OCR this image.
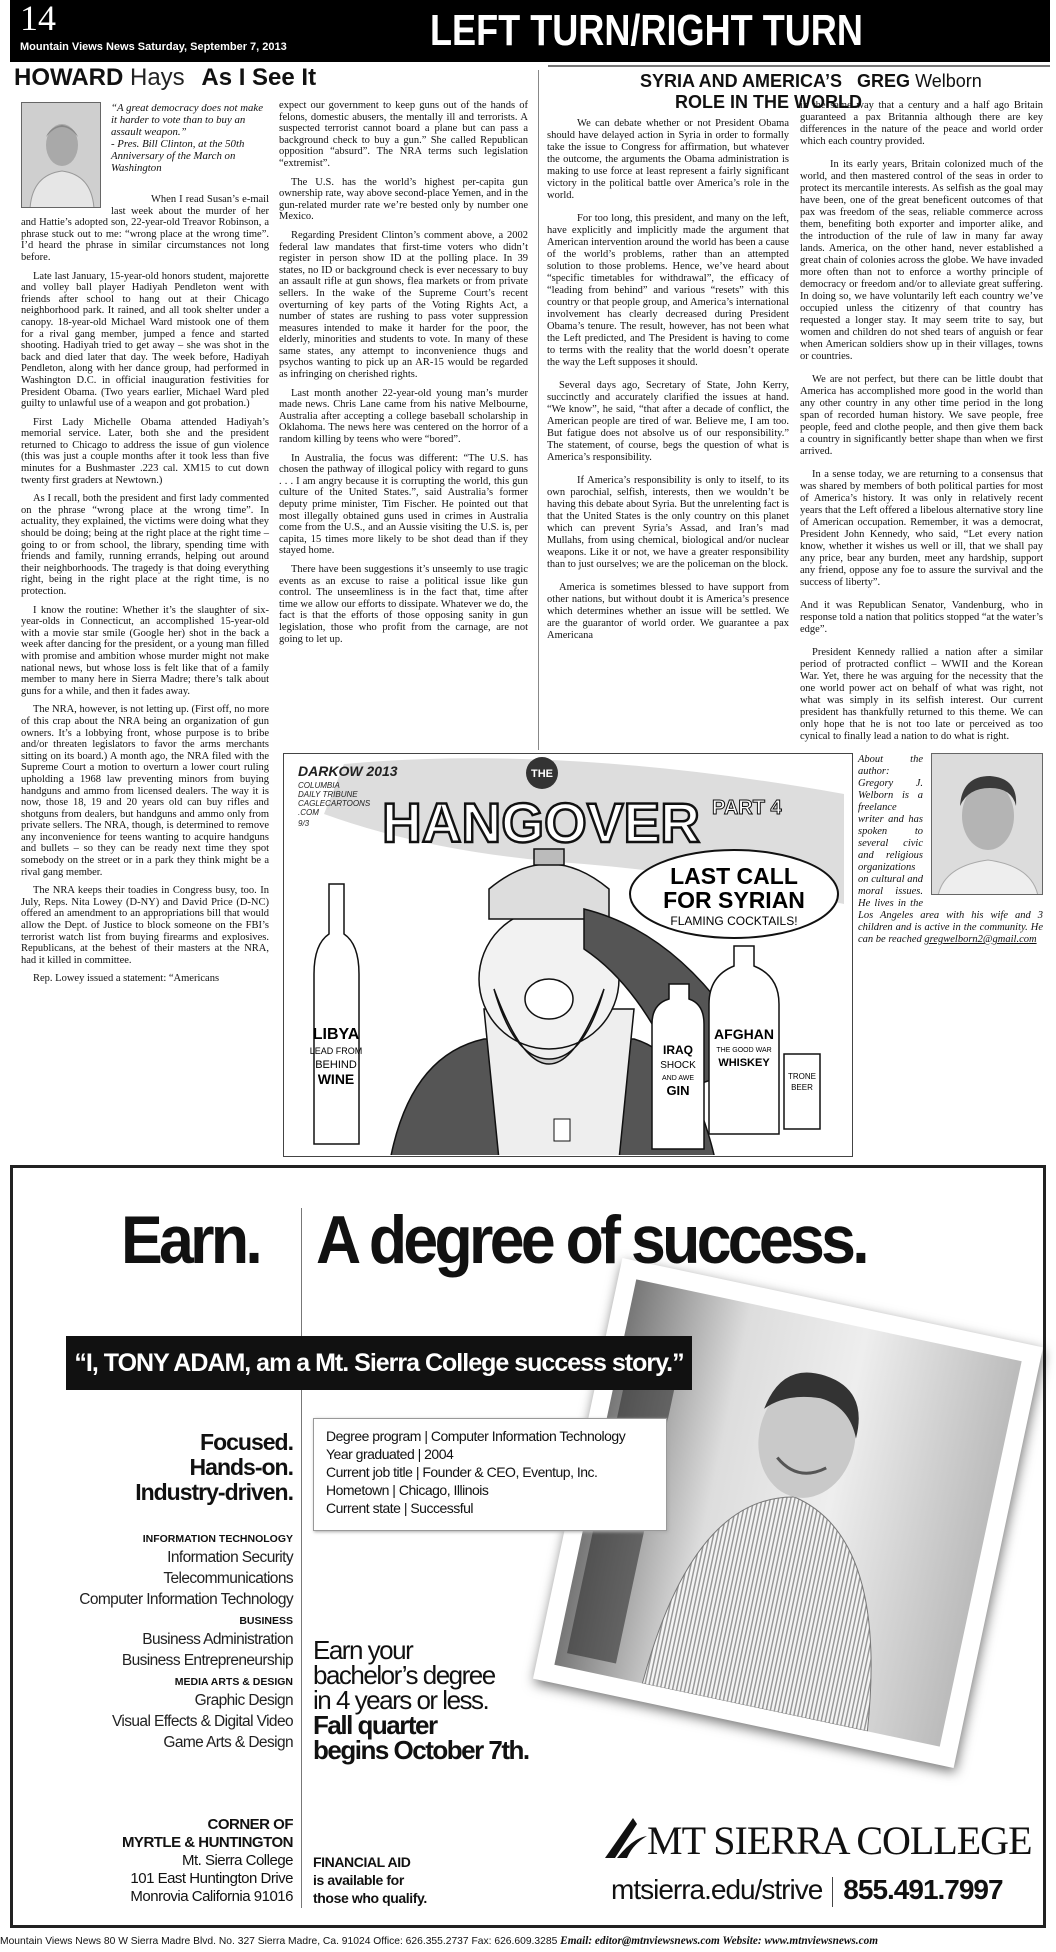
14
Mountain Views News Saturday, September 7, 2013	LEFT TURN/RIGHT TURN
HOWARD Hays As I See It	SYRIA AND AMERICA’S GREG Welborn
ROLE IN THE WORLD
“A great democracy does not make it harder to vote than to buy an assault weapon.”
- Pres. Bill Clinton, at the 50th Anniversary of the March on Washington

When I read Susan’s e-mail last week about the murder of her and Hattie’s adopted son, 22-year-old Treavor Robinson, a phrase stuck out to me: “wrong place at the wrong time”. I’d heard the phrase in similar circumstances not long before.

Late last January, 15-year-old honors student, majorette and volley ball player Hadiyah Pendleton went with friends after school to hang out at their Chicago neighborhood park. It rained, and all took shelter under a canopy. 18-year-old Michael Ward mistook one of them for a rival gang member, jumped a fence and started shooting. Hadiyah tried to get away – she was shot in the back and died later that day. The week before, Hadiyah Pendleton, along with her dance group, had performed in Washington D.C. in official inauguration festivities for President Obama. (Two years earlier, Michael Ward pled guilty to unlawful use of a weapon and got probation.)

First Lady Michelle Obama attended Hadiyah’s memorial service. Later, both she and the president returned to Chicago to address the issue of gun violence (this was just a couple months after it took less than five minutes for a Bushmaster .223 cal. XM15 to cut down twenty first graders at Newtown.)

As I recall, both the president and first lady commented on the phrase “wrong place at the wrong time”. In actuality, they explained, the victims were doing what they should be doing; being at the right place at the right time – going to or from school, the library, spending time with friends and family, running errands, helping out around their neighborhoods. The tragedy is that doing everything right, being in the right place at the right time, is no protection.

I know the routine: Whether it’s the slaughter of six-year-olds in Connecticut, an accomplished 15-year-old with a movie star smile (Google her) shot in the back a week after dancing for the president, or a young man filled with promise and ambition whose murder might not make national news, but whose loss is felt like that of a family member to many here in Sierra Madre; there’s talk about guns for a while, and then it fades away.

The NRA, however, is not letting up. (First off, no more of this crap about the NRA being an organization of gun owners. It’s a lobbying front, whose purpose is to bribe and/or threaten legislators to favor the arms merchants sitting on its board.) A month ago, the NRA filed with the Supreme Court a motion to overturn a lower court ruling upholding a 1968 law preventing minors from buying handguns and ammo from licensed dealers. The way it is now, those 18, 19 and 20 years old can buy rifles and shotguns from dealers, but handguns and ammo only from private sellers. The NRA, though, is determined to remove any inconvenience for teens wanting to acquire handguns and bullets – so they can be ready next time they spot somebody on the street or in a park they think might be a rival gang member.

The NRA keeps their toadies in Congress busy, too. In July, Reps. Nita Lowey (D-NY) and David Price (D-NC) offered an amendment to an appropriations bill that would allow the Dept. of Justice to block someone on the FBI’s terrorist watch list from buying firearms and explosives. Republicans, at the behest of their masters at the NRA, had it killed in committee.

Rep. Lowey issued a statement: “Americans

expect our government to keep guns out of the hands of felons, domestic abusers, the mentally ill and terrorists. A suspected terrorist cannot board a plane but can pass a background check to buy a gun.” She called Republican opposition “absurd”. The NRA terms such legislation “extremist”.

The U.S. has the world’s highest per-capita gun ownership rate, way above second-place Yemen, and in the gun-related murder rate we’re bested only by number one Mexico.

Regarding President Clinton’s comment above, a 2002 federal law mandates that first-time voters who didn’t register in person show ID at the polling place. In 39 states, no ID or background check is ever necessary to buy an assault rifle at gun shows, flea markets or from private sellers. In the wake of the Supreme Court’s recent overturning of key parts of the Voting Rights Act, a number of states are rushing to pass voter suppression measures intended to make it harder for the poor, the elderly, minorities and students to vote. In many of these same states, any attempt to inconvenience thugs and psychos wanting to pick up an AR-15 would be regarded as infringing on cherished rights.

Last month another 22-year-old young man’s murder made news. Chris Lane came from his native Melbourne, Australia after accepting a college baseball scholarship in Oklahoma. The news here was centered on the horror of a random killing by teens who were “bored”.

In Australia, the focus was different: “The U.S. has chosen the pathway of illogical policy with regard to guns . . . I am angry because it is corrupting the world, this gun culture of the United States.”, said Australia’s former deputy prime minister, Tim Fischer. He pointed out that most illegally obtained guns used in crimes in Australia come from the U.S., and an Aussie visiting the U.S. is, per capita, 15 times more likely to be shot dead than if they stayed home.

There have been suggestions it’s unseemly to use tragic events as an excuse to raise a political issue like gun control. The unseemliness is in the fact that, time after time we allow our efforts to dissipate. Whatever we do, the fact is that the efforts of those opposing sanity in gun legislation, those who profit from the carnage, are not going to let up.

We can debate whether or not President Obama should have delayed action in Syria in order to formally take the issue to Congress for affirmation, but whatever the outcome, the arguments the Obama administration is making to use force at least represent a fairly significant victory in the political battle over America’s role in the world.

For too long, this president, and many on the left, have explicitly and implicitly made the argument that American intervention around the world has been a cause of the world’s problems, rather than an attempted solution to those problems. Hence, we’ve heard about “specific timetables for withdrawal”, the efficacy of “leading from behind” and various “resets” with this country or that people group, and America’s international involvement has clearly decreased during President Obama’s tenure. The result, however, has not been what the Left predicted, and The President is having to come to terms with the reality that the world doesn’t operate the way the Left supposes it should.

Several days ago, Secretary of State, John Kerry, succinctly and accurately clarified the issues at hand. “We know”, he said, “that after a decade of conflict, the American people are tired of war. Believe me, I am too. But fatigue does not absolve us of our responsibility.” The statement, of course, begs the question of what is America’s responsibility.

If America’s responsibility is only to itself, to its own parochial, selfish, interests, then we wouldn’t be having this debate about Syria. But the unrelenting fact is that the United States is the only country on this planet which can prevent Syria’s Assad, and Iran’s mad Mullahs, from using chemical, biological and/or nuclear weapons. Like it or not, we have a greater responsibility than to just ourselves; we are the policeman on the block.

America is sometimes blessed to have support from other nations, but without doubt it is America’s presence which determines whether an issue will be settled. We are the guarantor of world order. We guarantee a pax Americana

in the same way that a century and a half ago Britain guaranteed a pax Britannia although there are key differences in the nature of the peace and world order which each country provided.

In its early years, Britain colonized much of the world, and then mastered control of the seas in order to protect its mercantile interests. As selfish as the goal may have been, one of the great beneficent outcomes of that pax was freedom of the seas, reliable commerce across them, benefiting both exporter and importer alike, and the introduction of the rule of law in many far away lands. America, on the other hand, never established a great chain of colonies across the globe. We have invaded more often than not to enforce a worthy principle of democracy or freedom and/or to alleviate great suffering. In doing so, we have voluntarily left each country we’ve occupied unless the citizenry of that country has requested a longer stay. It may seem trite to say, but women and children do not shed tears of anguish or fear when American soldiers show up in their villages, towns or countries.

We are not perfect, but there can be little doubt that America has accomplished more good in the world than any other country in any other time period in the long span of recorded human history. We save people, free people, feed and clothe people, and then give them back a country in significantly better shape than when we first arrived.

In a sense today, we are returning to a consensus that was shared by members of both political parties for most of America’s history. It was only in relatively recent years that the Left offered a libelous alternative story line of American occupation. Remember, it was a democrat, President John Kennedy, who said, “Let every nation know, whether it wishes us well or ill, that we shall pay any price, bear any burden, meet any hardship, support any friend, oppose any foe to assure the survival and the success of liberty”.

And it was Republican Senator, Vandenburg, who in response told a nation that politics stopped “at the water’s edge”.

President Kennedy rallied a nation after a similar period of protracted conflict – WWII and the Korean War. Yet, there he was arguing for the necessity that the one world power act on behalf of what was right, not what was simply in its selfish interest. Our current president has thankfully returned to this theme. We can only hope that he is not too late or perceived as too cynical to finally lead a nation to do what is right.

About the author: Gregory J. Welborn is a freelance writer and has spoken to several civic and religious organizations on cultural and moral issues. He lives in the Los Angeles area with his wife and 3 children and is active in the community. He can be reached gregwelborn2@gmail.com
DARKOW 2013
COLUMBIA
DAILY TRIBUNE
CAGLECARTOONS
.COM
9/3
THE
HANGOVER PART 4
LAST CALL
FOR SYRIAN
FLAMING COCKTAILS!
LIBYA
LEAD FROM
BEHIND
WINE
IRAQ
SHOCK
AND AWE
GIN
AFGHAN
THE GOOD WAR
WHISKEY
TRONE
BEER
Earn. A degree of success.
“I, TONY ADAM, am a Mt. Sierra College success story.”
Focused.
Hands-on.
Industry-driven.
Degree program | Computer Information Technology
Year graduated | 2004
Current job title | Founder & CEO, Eventup, Inc.
Hometown | Chicago, Illinois
Current state | Successful
INFORMATION TECHNOLOGY
Information Security
Telecommunications
Computer Information Technology
BUSINESS
Business Administration
Business Entrepreneurship
MEDIA ARTS & DESIGN
Graphic Design
Visual Effects & Digital Video
Game Arts & Design
Earn your
bachelor’s degree
in 4 years or less.
Fall quarter
begins October 7th.
CORNER OF
MYRTLE & HUNTINGTON
Mt. Sierra College
101 East Huntington Drive
Monrovia California 91016
FINANCIAL AID
is available for
those who qualify.
MT SIERRA COLLEGE
mtsierra.edu/strive 855.491.7997
Mountain Views News 80 W Sierra Madre Blvd. No. 327 Sierra Madre, Ca. 91024 Office: 626.355.2737 Fax: 626.609.3285 Email: editor@mtnviewsnews.com Website: www.mtnviewsnews.com
